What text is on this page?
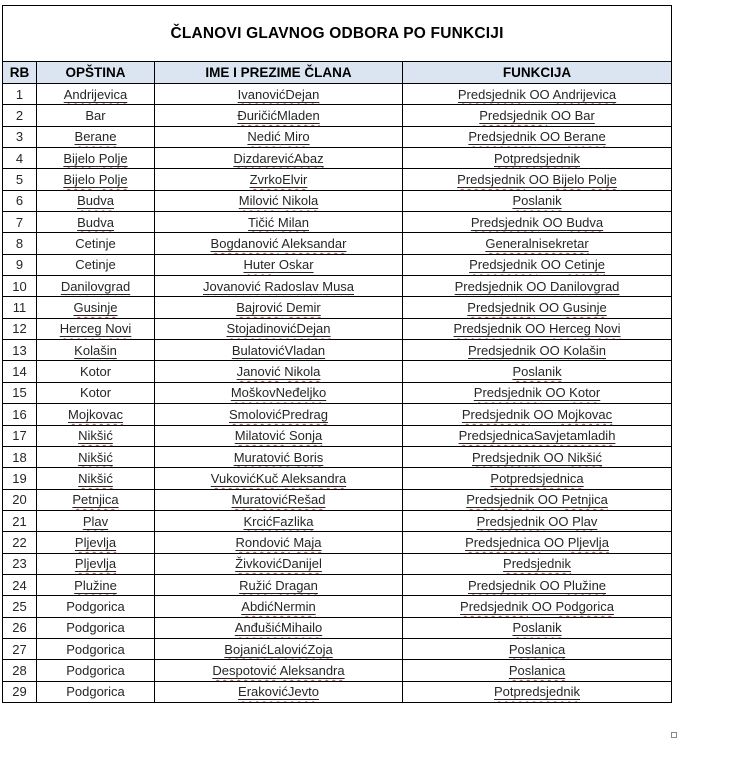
ČLANOVI GLAVNOG ODBORA PO FUNKCIJI			
RB	OPŠTINA	IME I PREZIME ČLANA	FUNKCIJA
1	Andrijevica	IvanovićDejan	Predsjednik OO Andrijevica
2	Bar	ĐuričićMladen	Predsjednik OO Bar
3	Berane	Nedić Miro	Predsjednik OO Berane
4	Bijelo Polje	DizdarevićAbaz	Potpredsjednik
5	Bijelo Polje	ZvrkoElvir	Predsjednik OO Bijelo Polje
6	Budva	Milović Nikola	Poslanik
7	Budva	Tičić Milan	Predsjednik OO Budva
8	Cetinje	Bogdanović Aleksandar	Generalnisekretar
9	Cetinje	Huter Oskar	Predsjednik OO Cetinje
10	Danilovgrad	Jovanović Radoslav Musa	Predsjednik OO Danilovgrad
11	Gusinje	Bajrović Demir	Predsjednik OO Gusinje
12	Herceg Novi	StojadinovićDejan	Predsjednik OO Herceg Novi
13	Kolašin	BulatovićVladan	Predsjednik OO Kolašin
14	Kotor	Janović Nikola	Poslanik
15	Kotor	MoškovNeđeljko	Predsjednik OO Kotor
16	Mojkovac	SmolovićPredrag	Predsjednik OO Mojkovac
17	Nikšić	Milatović Sonja	PredsjednicaSavjetamladih
18	Nikšić	Muratović Boris	Predsjednik OO Nikšić
19	Nikšić	VukovićKuč Aleksandra	Potpredsjednica
20	Petnjica	MuratovićRešad	Predsjednik OO Petnjica
21	Plav	KrcićFazlika	Predsjednik OO Plav
22	Pljevlja	Rondović Maja	Predsjednica OO Pljevlja
23	Pljevlja	ŽivkovićDanijel	Predsjednik
24	Plužine	Ružić Dragan	Predsjednik OO Plužine
25	Podgorica	AbdićNermin	Predsjednik OO Podgorica
26	Podgorica	AnđušićMihailo	Poslanik
27	Podgorica	BojanićLalovićZoja	Poslanica
28	Podgorica	Despotović Aleksandra	Poslanica
29	Podgorica	ErakovićJevto	Potpredsjednik
